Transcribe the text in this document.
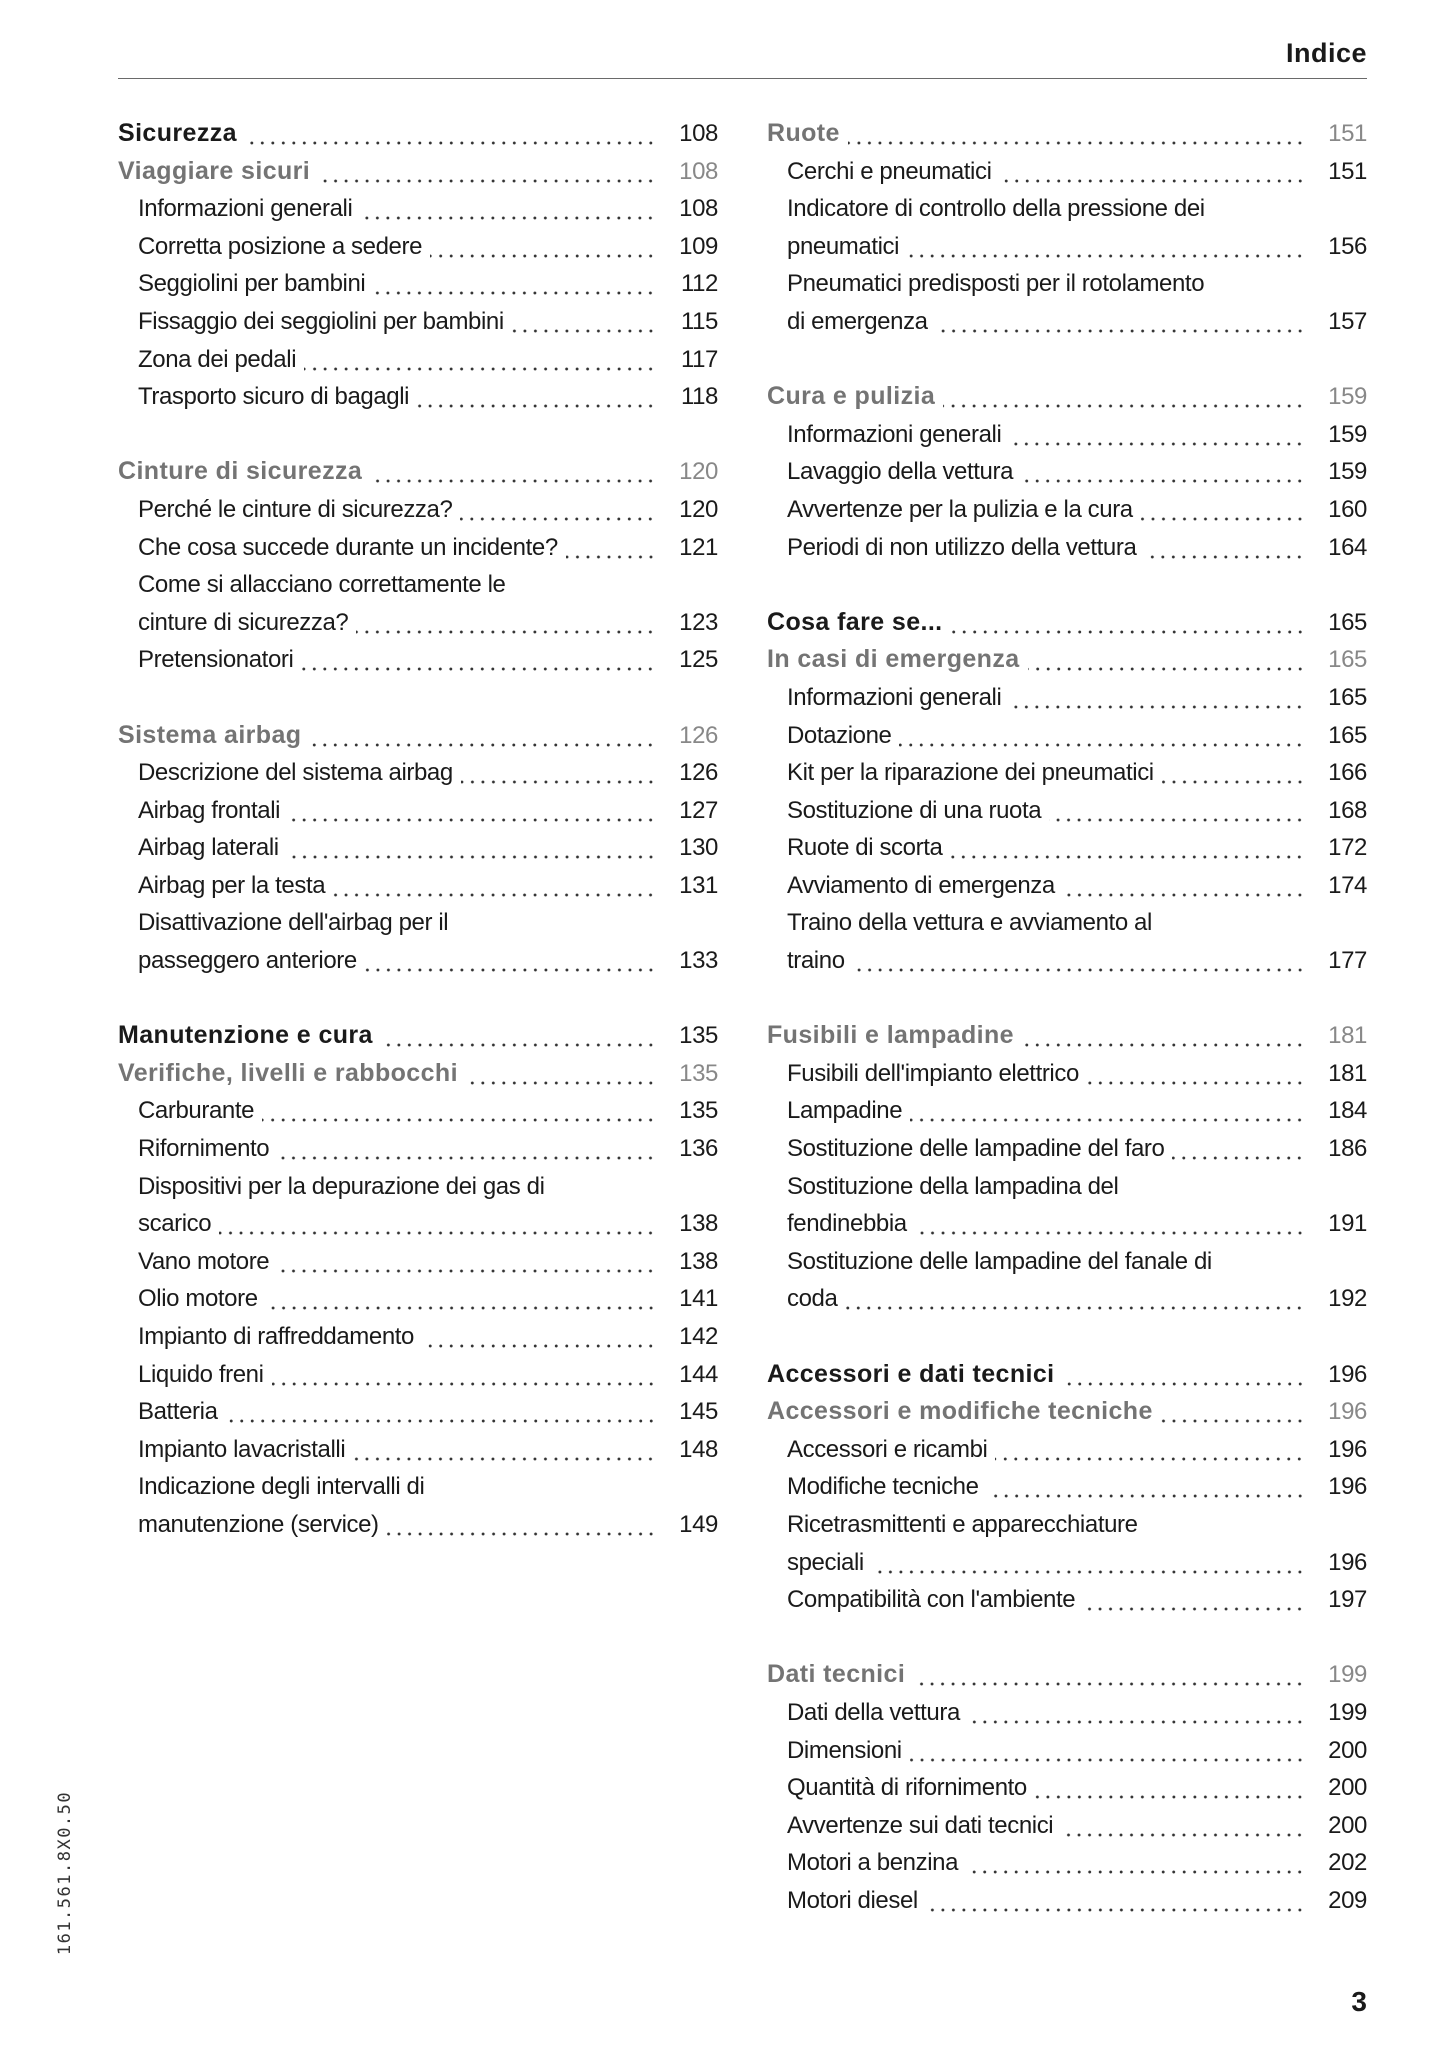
Indice
Sicurezza	108
Viaggiare sicuri	108
Informazioni generali	108
Corretta posizione a sedere	109
Seggiolini per bambini	112
Fissaggio dei seggiolini per bambini	115
Zona dei pedali	117
Trasporto sicuro di bagagli	118
Cinture di sicurezza	120
Perché le cinture di sicurezza?	120
Che cosa succede durante un incidente?	121
Come si allacciano correttamente le
cinture di sicurezza?	123
Pretensionatori	125
Sistema airbag	126
Descrizione del sistema airbag	126
Airbag frontali	127
Airbag laterali	130
Airbag per la testa	131
Disattivazione dell'airbag per il
passeggero anteriore	133
Manutenzione e cura	135
Verifiche, livelli e rabbocchi	135
Carburante	135
Rifornimento	136
Dispositivi per la depurazione dei gas di
scarico	138
Vano motore	138
Olio motore	141
Impianto di raffreddamento	142
Liquido freni	144
Batteria	145
Impianto lavacristalli	148
Indicazione degli intervalli di
manutenzione (service)	149
Ruote	151
Cerchi e pneumatici	151
Indicatore di controllo della pressione dei
pneumatici	156
Pneumatici predisposti per il rotolamento
di emergenza	157
Cura e pulizia	159
Informazioni generali	159
Lavaggio della vettura	159
Avvertenze per la pulizia e la cura	160
Periodi di non utilizzo della vettura	164
Cosa fare se...	165
In casi di emergenza	165
Informazioni generali	165
Dotazione	165
Kit per la riparazione dei pneumatici	166
Sostituzione di una ruota	168
Ruote di scorta	172
Avviamento di emergenza	174
Traino della vettura e avviamento al
traino	177
Fusibili e lampadine	181
Fusibili dell'impianto elettrico	181
Lampadine	184
Sostituzione delle lampadine del faro	186
Sostituzione della lampadina del
fendinebbia	191
Sostituzione delle lampadine del fanale di
coda	192
Accessori e dati tecnici	196
Accessori e modifiche tecniche	196
Accessori e ricambi	196
Modifiche tecniche	196
Ricetrasmittenti e apparecchiature
speciali	196
Compatibilità con l'ambiente	197
Dati tecnici	199
Dati della vettura	199
Dimensioni	200
Quantità di rifornimento	200
Avvertenze sui dati tecnici	200
Motori a benzina	202
Motori diesel	209
161.561.8X0.50
3
